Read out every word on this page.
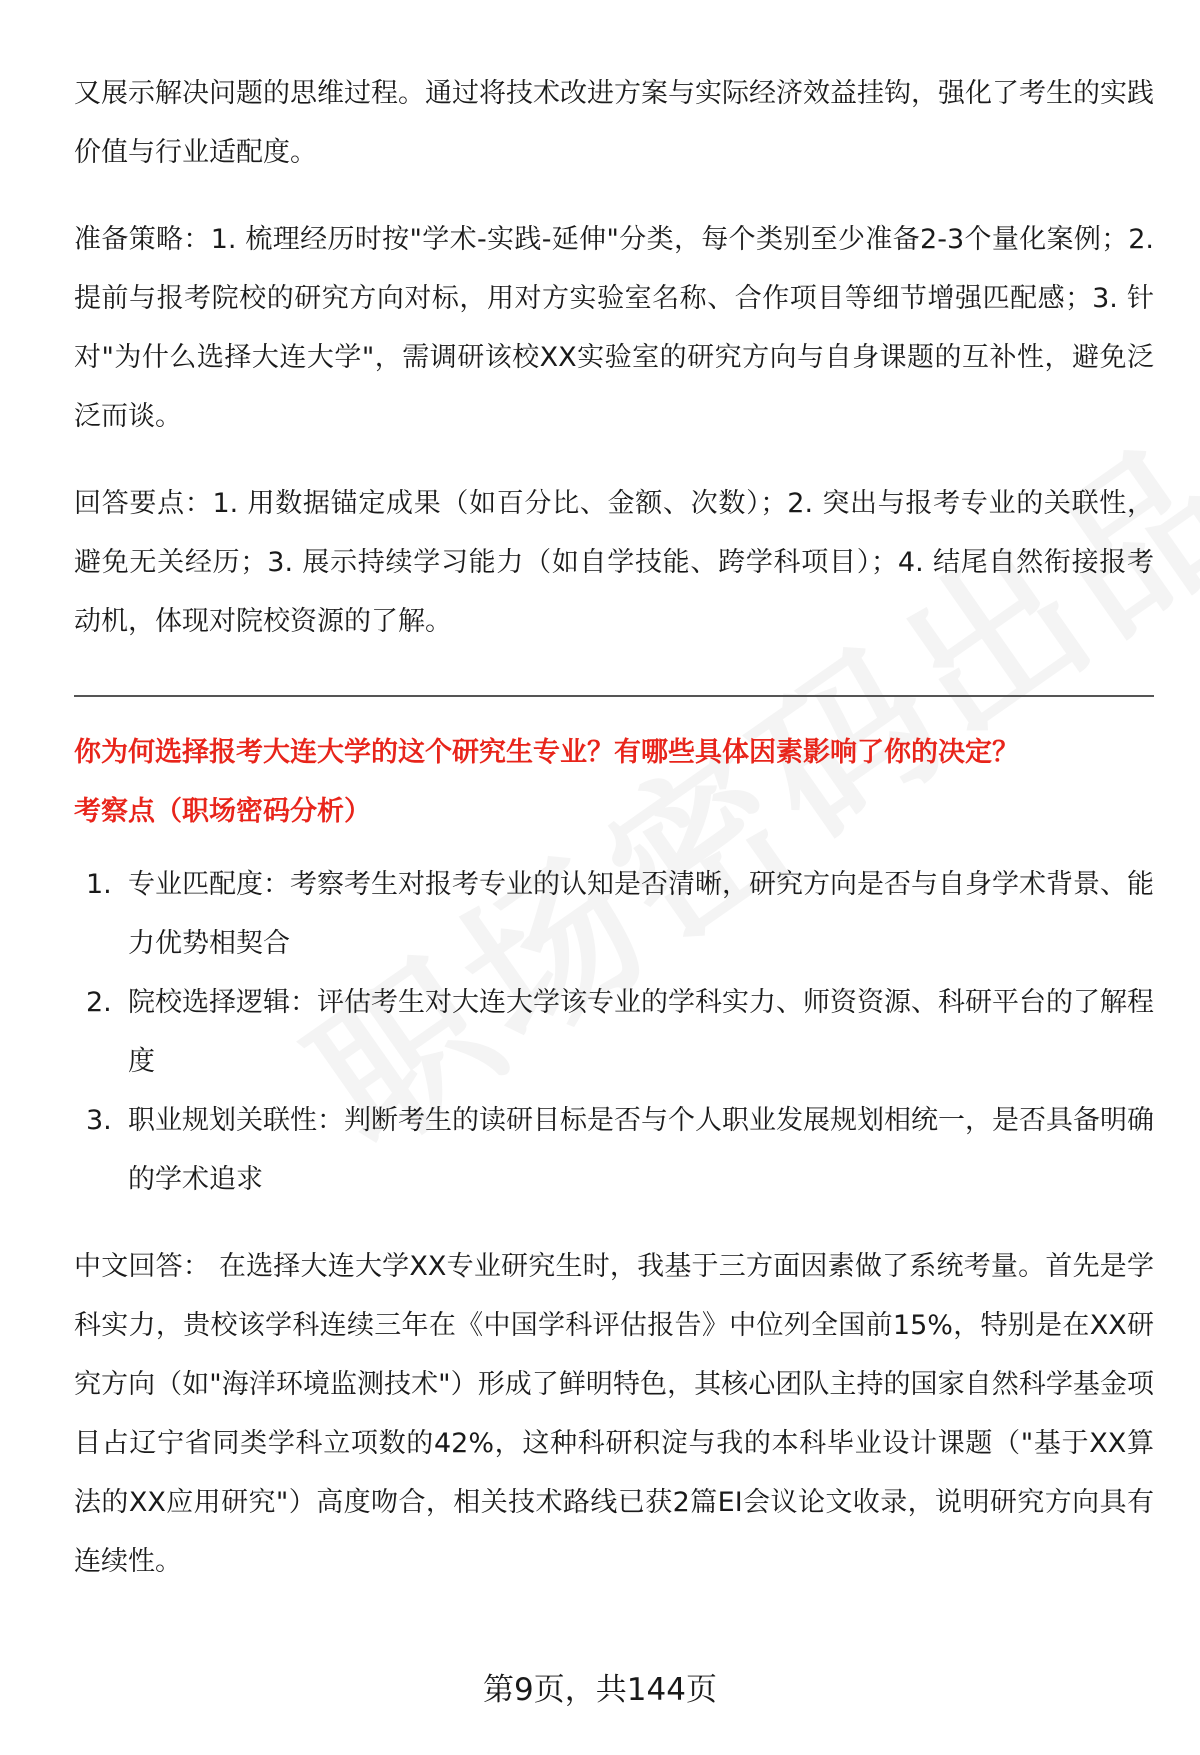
又展示解决问题的思维过程。通过将技术改进方案与实际经济效益挂钩，强化了考生的实践价值与行业适配度。

准备策略：1. 梳理经历时按"学术-实践-延伸"分类，每个类别至少准备2-3个量化案例；2. 提前与报考院校的研究方向对标，用对方实验室名称、合作项目等细节增强匹配感；3. 针对"为什么选择大连大学"，需调研该校XX实验室的研究方向与自身课题的互补性，避免泛泛而谈。

回答要点：1. 用数据锚定成果（如百分比、金额、次数）；2. 突出与报考专业的关联性，避免无关经历；3. 展示持续学习能力（如自学技能、跨学科项目）；4. 结尾自然衔接报考动机，体现对院校资源的了解。

你为何选择报考大连大学的这个研究生专业？有哪些具体因素影响了你的决定？

考察点（职场密码分析）

1. 专业匹配度：考察考生对报考专业的认知是否清晰，研究方向是否与自身学术背景、能力优势相契合
2. 院校选择逻辑：评估考生对大连大学该专业的学科实力、师资资源、科研平台的了解程度
3. 职业规划关联性：判断考生的读研目标是否与个人职业发展规划相统一，是否具备明确的学术追求

中文回答： 在选择大连大学XX专业研究生时，我基于三方面因素做了系统考量。首先是学科实力，贵校该学科连续三年在《中国学科评估报告》中位列全国前15%，特别是在XX研究方向（如"海洋环境监测技术"）形成了鲜明特色，其核心团队主持的国家自然科学基金项目占辽宁省同类学科立项数的42%，这种科研积淀与我的本科毕业设计课题（"基于XX算法的XX应用研究"）高度吻合，相关技术路线已获2篇EI会议论文收录，说明研究方向具有连续性。

第9页，共144页
